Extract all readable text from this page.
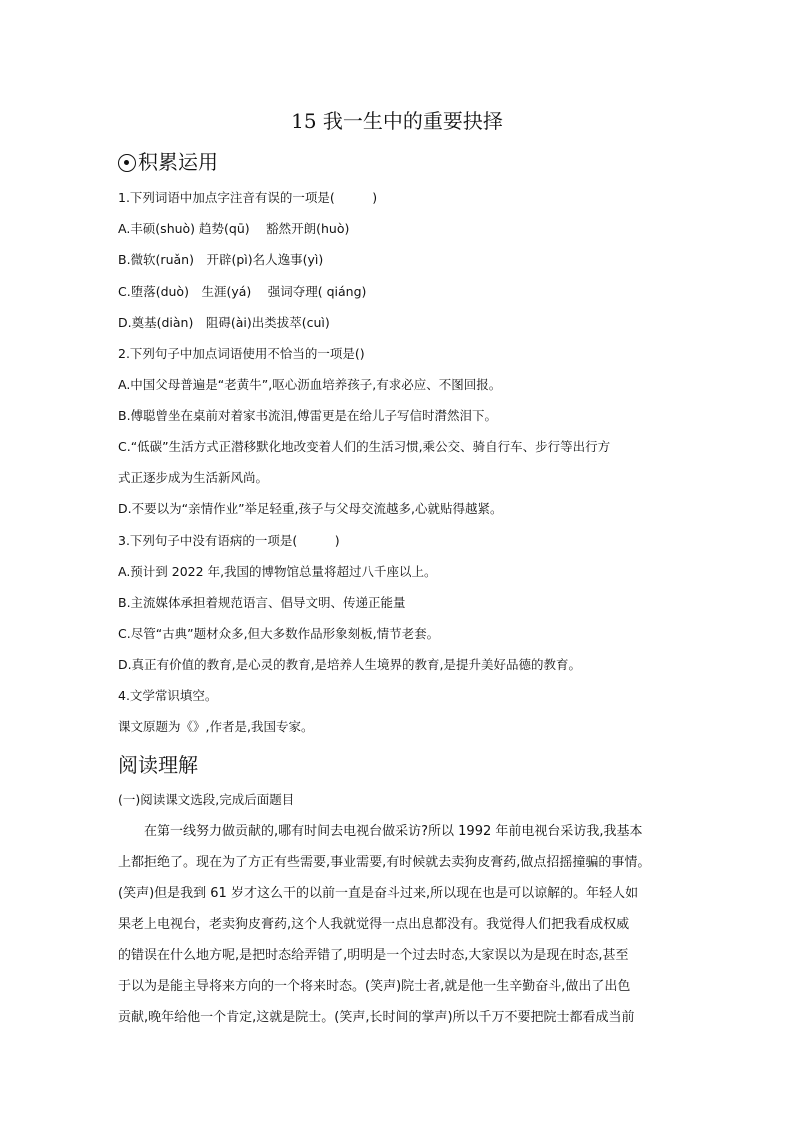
15 我一生中的重要抉择
积累运用
1.下列词语中加点字注音有误的一项是(　　　)
A.丰硕(shuò) 趋势(qū)　 豁然开朗(huò)
B.微软(ruǎn)　开辟(pì)名人逸事(yì)
C.堕落(duò)　生涯(yá)　 强词夺理( qiáng)
D.奠基(diàn)　阻碍(ài)出类拔萃(cuì)
2.下列句子中加点词语使用不恰当的一项是()
A.中国父母普遍是“老黄牛”,呕心沥血培养孩子,有求必应、不图回报。
B.傅聪曾坐在桌前对着家书流泪,傅雷更是在给儿子写信时潸然泪下。
C.“低碳”生活方式正潜移默化地改变着人们的生活习惯,乘公交、骑自行车、步行等出行方
式正逐步成为生活新风尚。
D.不要以为“亲情作业”举足轻重,孩子与父母交流越多,心就贴得越紧。
3.下列句子中没有语病的一项是(　　　)
A.预计到 2022 年,我国的博物馆总量将超过八千座以上。
B.主流媒体承担着规范语言、倡导文明、传递正能量
C.尽管“古典”题材众多,但大多数作品形象刻板,情节老套。
D.真正有价值的教育,是心灵的教育,是培养人生境界的教育,是提升美好品德的教育。
4.文学常识填空。
课文原题为《》,作者是,我国专家。
阅读理解
(一)阅读课文选段,完成后面题目
　　在第一线努力做贡献的,哪有时间去电视台做采访?所以 1992 年前电视台采访我,我基本
上都拒绝了。现在为了方正有些需要,事业需要,有时候就去卖狗皮膏药,做点招摇撞骗的事情。
(笑声)但是我到 61 岁才这么干的以前一直是奋斗过来,所以现在也是可以谅解的。年轻人如
果老上电视台，老卖狗皮膏药,这个人我就觉得一点出息都没有。我觉得人们把我看成权威
的错误在什么地方呢,是把时态给弄错了,明明是一个过去时态,大家误以为是现在时态,甚至
于以为是能主导将来方向的一个将来时态。(笑声)院士者,就是他一生辛勤奋斗,做出了出色
贡献,晚年给他一个肯定,这就是院士。(笑声,长时间的掌声)所以千万不要把院士都看成当前
